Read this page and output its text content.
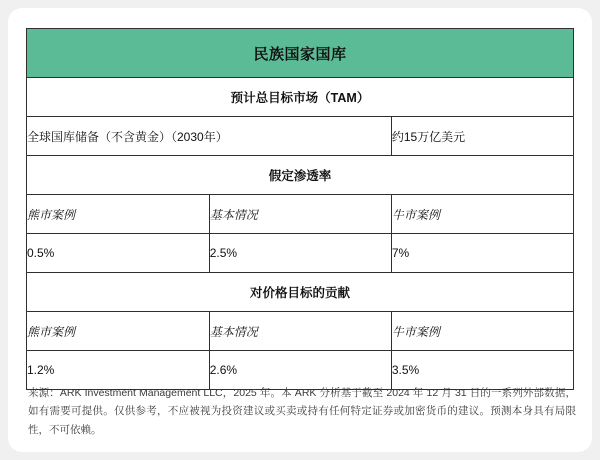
民族国家国库		
预计总目标市场（TAM）		
全球国库储备（不含黄金）（2030年）		约15万亿美元
假定渗透率		
熊市案例	基本情况	牛市案例
0.5%	2.5%	7%
对价格目标的贡献		
熊市案例	基本情况	牛市案例
1.2%	2.6%	3.5%
来源：ARK Investment Management LLC，2025 年。本 ARK 分析基于截至 2024 年 12 月 31 日的一系列外部数据，如有需要可提供。仅供参考，不应被视为投资建议或买卖或持有任何特定证券或加密货币的建议。预测本身具有局限性，不可依赖。
